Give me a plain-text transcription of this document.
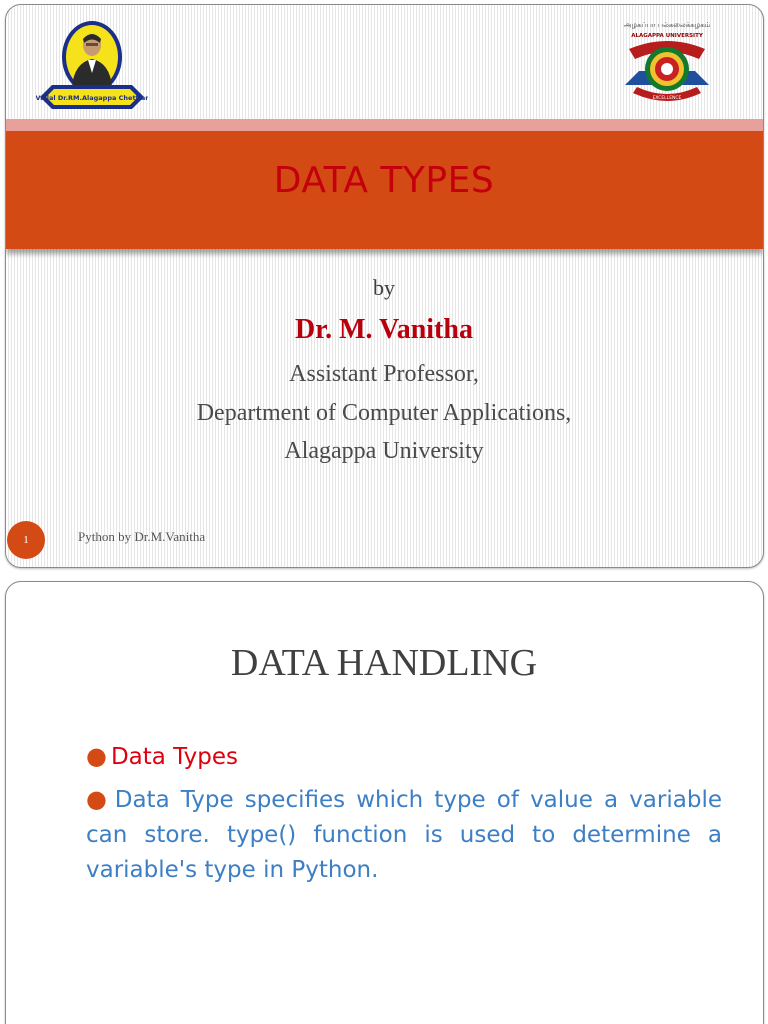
Vallal Dr.RM.Alagappa Chettiar
அழகப்பா பல்கலைக்கழகம்
ALAGAPPA UNIVERSITY
EXCELLENCE
DATA TYPES
by
Dr. M. Vanitha
Assistant Professor,
Department of Computer Applications,
Alagappa University
1	Python by Dr.M.Vanitha
DATA HANDLING
● Data Types
● Data Type specifies which type of value a variable can store. type() function is used to determine a variable's type in Python.
